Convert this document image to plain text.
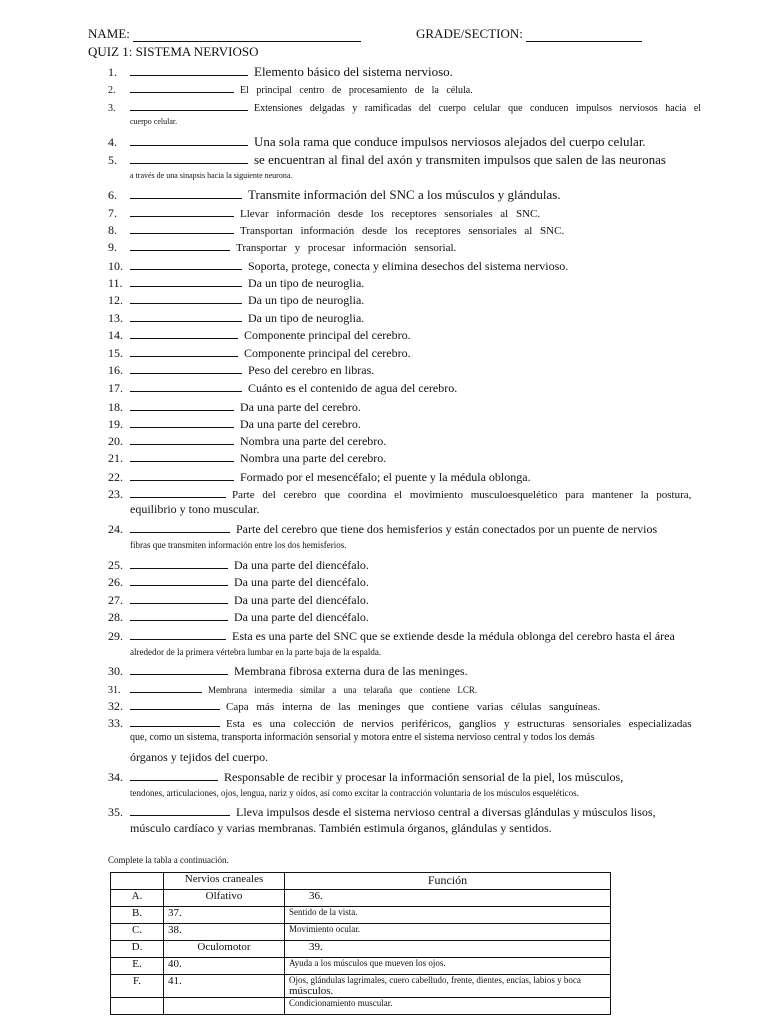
NAME:	GRADE/SECTION:
QUIZ 1: SISTEMA NERVIOSO
1.	Elemento básico del sistema nervioso.
2.	El principal centro de procesamiento de la célula.
3.	Extensiones delgadas y ramificadas del cuerpo celular que conducen impulsos nerviosos hacia el
cuerpo celular.
4.	Una sola rama que conduce impulsos nerviosos alejados del cuerpo celular.
5.	se encuentran al final del axón y transmiten impulsos que salen de las neuronas
a través de una sinapsis hacia la siguiente neurona.
6.	Transmite información del SNC a los músculos y glándulas.
7.	Llevar información desde los receptores sensoriales al SNC.
8.	Transportan información desde los receptores sensoriales al SNC.
9.	Transportar y procesar información sensorial.
10.	Soporta, protege, conecta y elimina desechos del sistema nervioso.
11.	Da un tipo de neuroglia.
12.	Da un tipo de neuroglia.
13.	Da un tipo de neuroglia.
14.	Componente principal del cerebro.
15.	Componente principal del cerebro.
16.	Peso del cerebro en libras.
17.	Cuánto es el contenido de agua del cerebro.
18.	Da una parte del cerebro.
19.	Da una parte del cerebro.
20.	Nombra una parte del cerebro.
21.	Nombra una parte del cerebro.
22.	Formado por el mesencéfalo; el puente y la médula oblonga.
23.	Parte del cerebro que coordina el movimiento musculoesquelético para mantener la postura,
equilibrio y tono muscular.
24.	Parte del cerebro que tiene dos hemisferios y están conectados por un puente de nervios
fibras que transmiten información entre los dos hemisferios.
25.	Da una parte del diencéfalo.
26.	Da una parte del diencéfalo.
27.	Da una parte del diencéfalo.
28.	Da una parte del diencéfalo.
29.	Esta es una parte del SNC que se extiende desde la médula oblonga del cerebro hasta el área
alrededor de la primera vértebra lumbar en la parte baja de la espalda.
30.	Membrana fibrosa externa dura de las meninges.
31.	Membrana intermedia similar a una telaraña que contiene LCR.
32.	Capa más interna de las meninges que contiene varias células sanguíneas.
33.	Esta es una colección de nervios periféricos, ganglios y estructuras sensoriales especializadas
que, como un sistema, transporta información sensorial y motora entre el sistema nervioso central y todos los demás
órganos y tejidos del cuerpo.
34.	Responsable de recibir y procesar la información sensorial de la piel, los músculos,
tendones, articulaciones, ojos, lengua, nariz y oídos, así como excitar la contracción voluntaria de los músculos esqueléticos.
35.	Lleva impulsos desde el sistema nervioso central a diversas glándulas y músculos lisos,
músculo cardíaco y varias membranas. También estimula órganos, glándulas y sentidos.
Complete la tabla a continuación.
	Nervios craneales	Función
A.	Olfativo	36.
B.	37.	Sentido de la vista.
C.	38.	Movimiento ocular.
D.	Oculomotor	39.
E.	40.	Ayuda a los músculos que mueven los ojos.
F.	41.	Ojos, glándulas lagrimales, cuero cabelludo, frente, dientes, encías, labios y boca
músculos.

		Condicionamiento muscular.
